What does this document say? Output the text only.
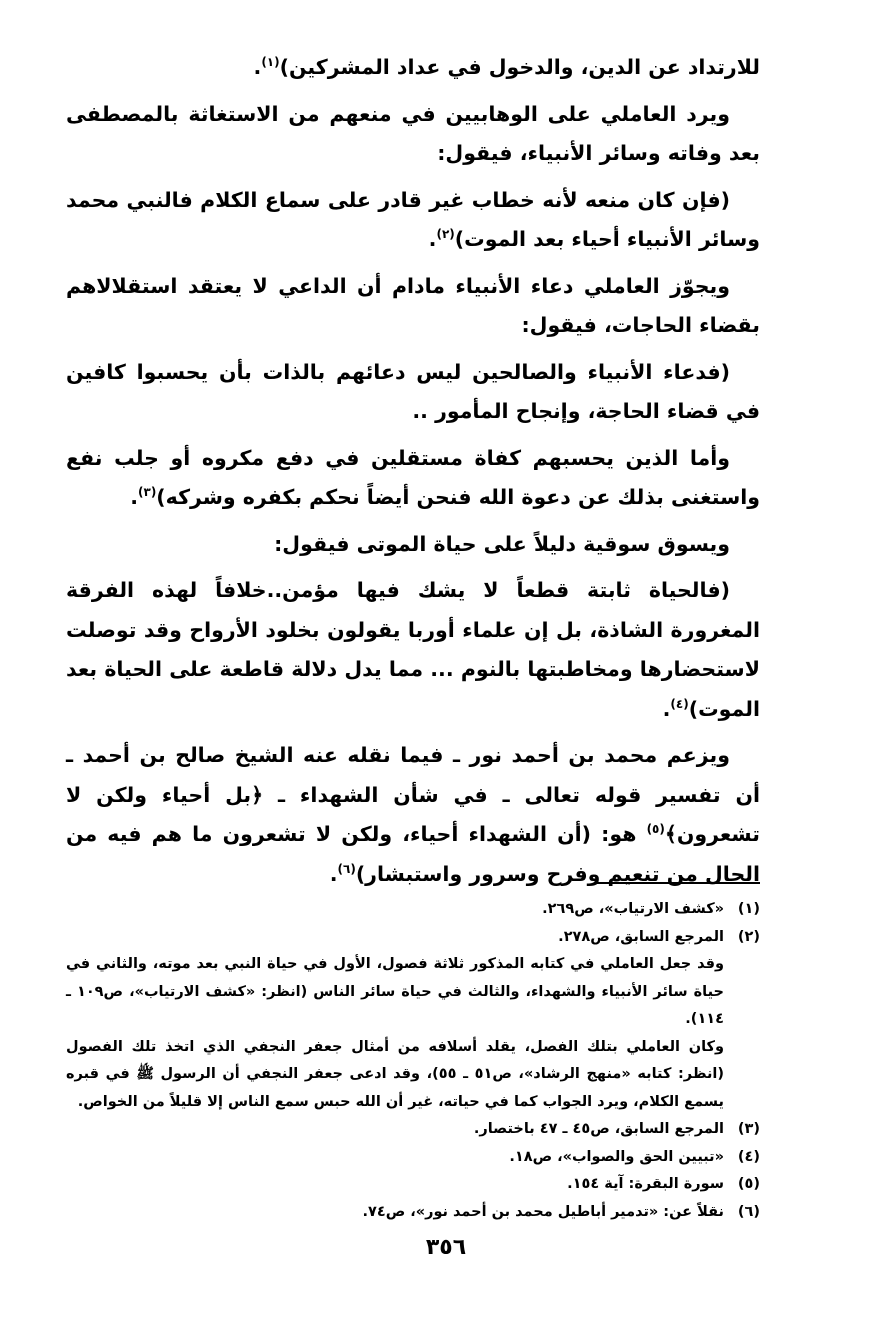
للارتداد عن الدين، والدخول في عداد المشركين)$^{(١)}$.

ويرد العاملي على الوهابيين في منعهم من الاستغاثة بالمصطفى بعد وفاته وسائر الأنبياء، فيقول:

(فإن كان منعه لأنه خطاب غير قادر على سماع الكلام فالنبي محمد وسائر الأنبياء أحياء بعد الموت)$^{(٢)}$.

ويجوّز العاملي دعاء الأنبياء مادام أن الداعي لا يعتقد استقلالاهم بقضاء الحاجات، فيقول:

(فدعاء الأنبياء والصالحين ليس دعائهم بالذات بأن يحسبوا كافين في قضاء الحاجة، وإنجاح المأمور ..

وأما الذين يحسبهم كفاة مستقلين في دفع مكروه أو جلب نفع واستغنى بذلك عن دعوة الله فنحن أيضاً نحكم بكفره وشركه)$^{(٣)}$.

ويسوق سوقية دليلاً على حياة الموتى فيقول:

(فالحياة ثابتة قطعاً لا يشك فيها مؤمن..خلافاً لهذه الفرقة المغرورة الشاذة، بل إن علماء أوربا يقولون بخلود الأرواح وقد توصلت لاستحضارها ومخاطبتها بالنوم ... مما يدل دلالة قاطعة على الحياة بعد الموت)$^{(٤)}$.

ويزعم محمد بن أحمد نور ـ فيما نقله عنه الشيخ صالح بن أحمد ـ أن تفسير قوله تعالى ـ في شأن الشهداء ـ ﴿بل أحياء ولكن لا تشعرون﴾$^{(٥)}$ هو: (أن الشهداء أحياء، ولكن لا تشعرون ما هم فيه من الحال من تنعيم وفرح وسرور واستبشار)$^{(٦)}$.

(١)
«كشف الارتياب»، ص٢٦٩.
(٢)
المرجع السابق، ص٢٧٨.
وقد جعل العاملي في كتابه المذكور ثلاثة فصول، الأول في حياة النبي بعد موته، والثاني في حياة سائر الأنبياء والشهداء، والثالث في حياة سائر الناس (انظر: «كشف الارتياب»، ص١٠٩ ـ ١١٤).
وكان العاملي بتلك الفصل، يقلد أسلافه من أمثال جعفر النجفي الذي اتخذ تلك الفصول (انظر: كتابه «منهج الرشاد»، ص٥١ ـ ٥٥)، وقد ادعى جعفر النجفي أن الرسول ﷺ في قبره يسمع الكلام، ويرد الجواب كما في حياته، غير أن الله حبس سمع الناس إلا قليلاً من الخواص.
(٣)
المرجع السابق، ص٤٥ ـ ٤٧ باختصار.
(٤)
«تبيين الحق والصواب»، ص١٨.
(٥)
سورة البقرة: آية ١٥٤.
(٦)
نقلاً عن: «تدمير أباطيل محمد بن أحمد نور»، ص٧٤.
٣٥٦
